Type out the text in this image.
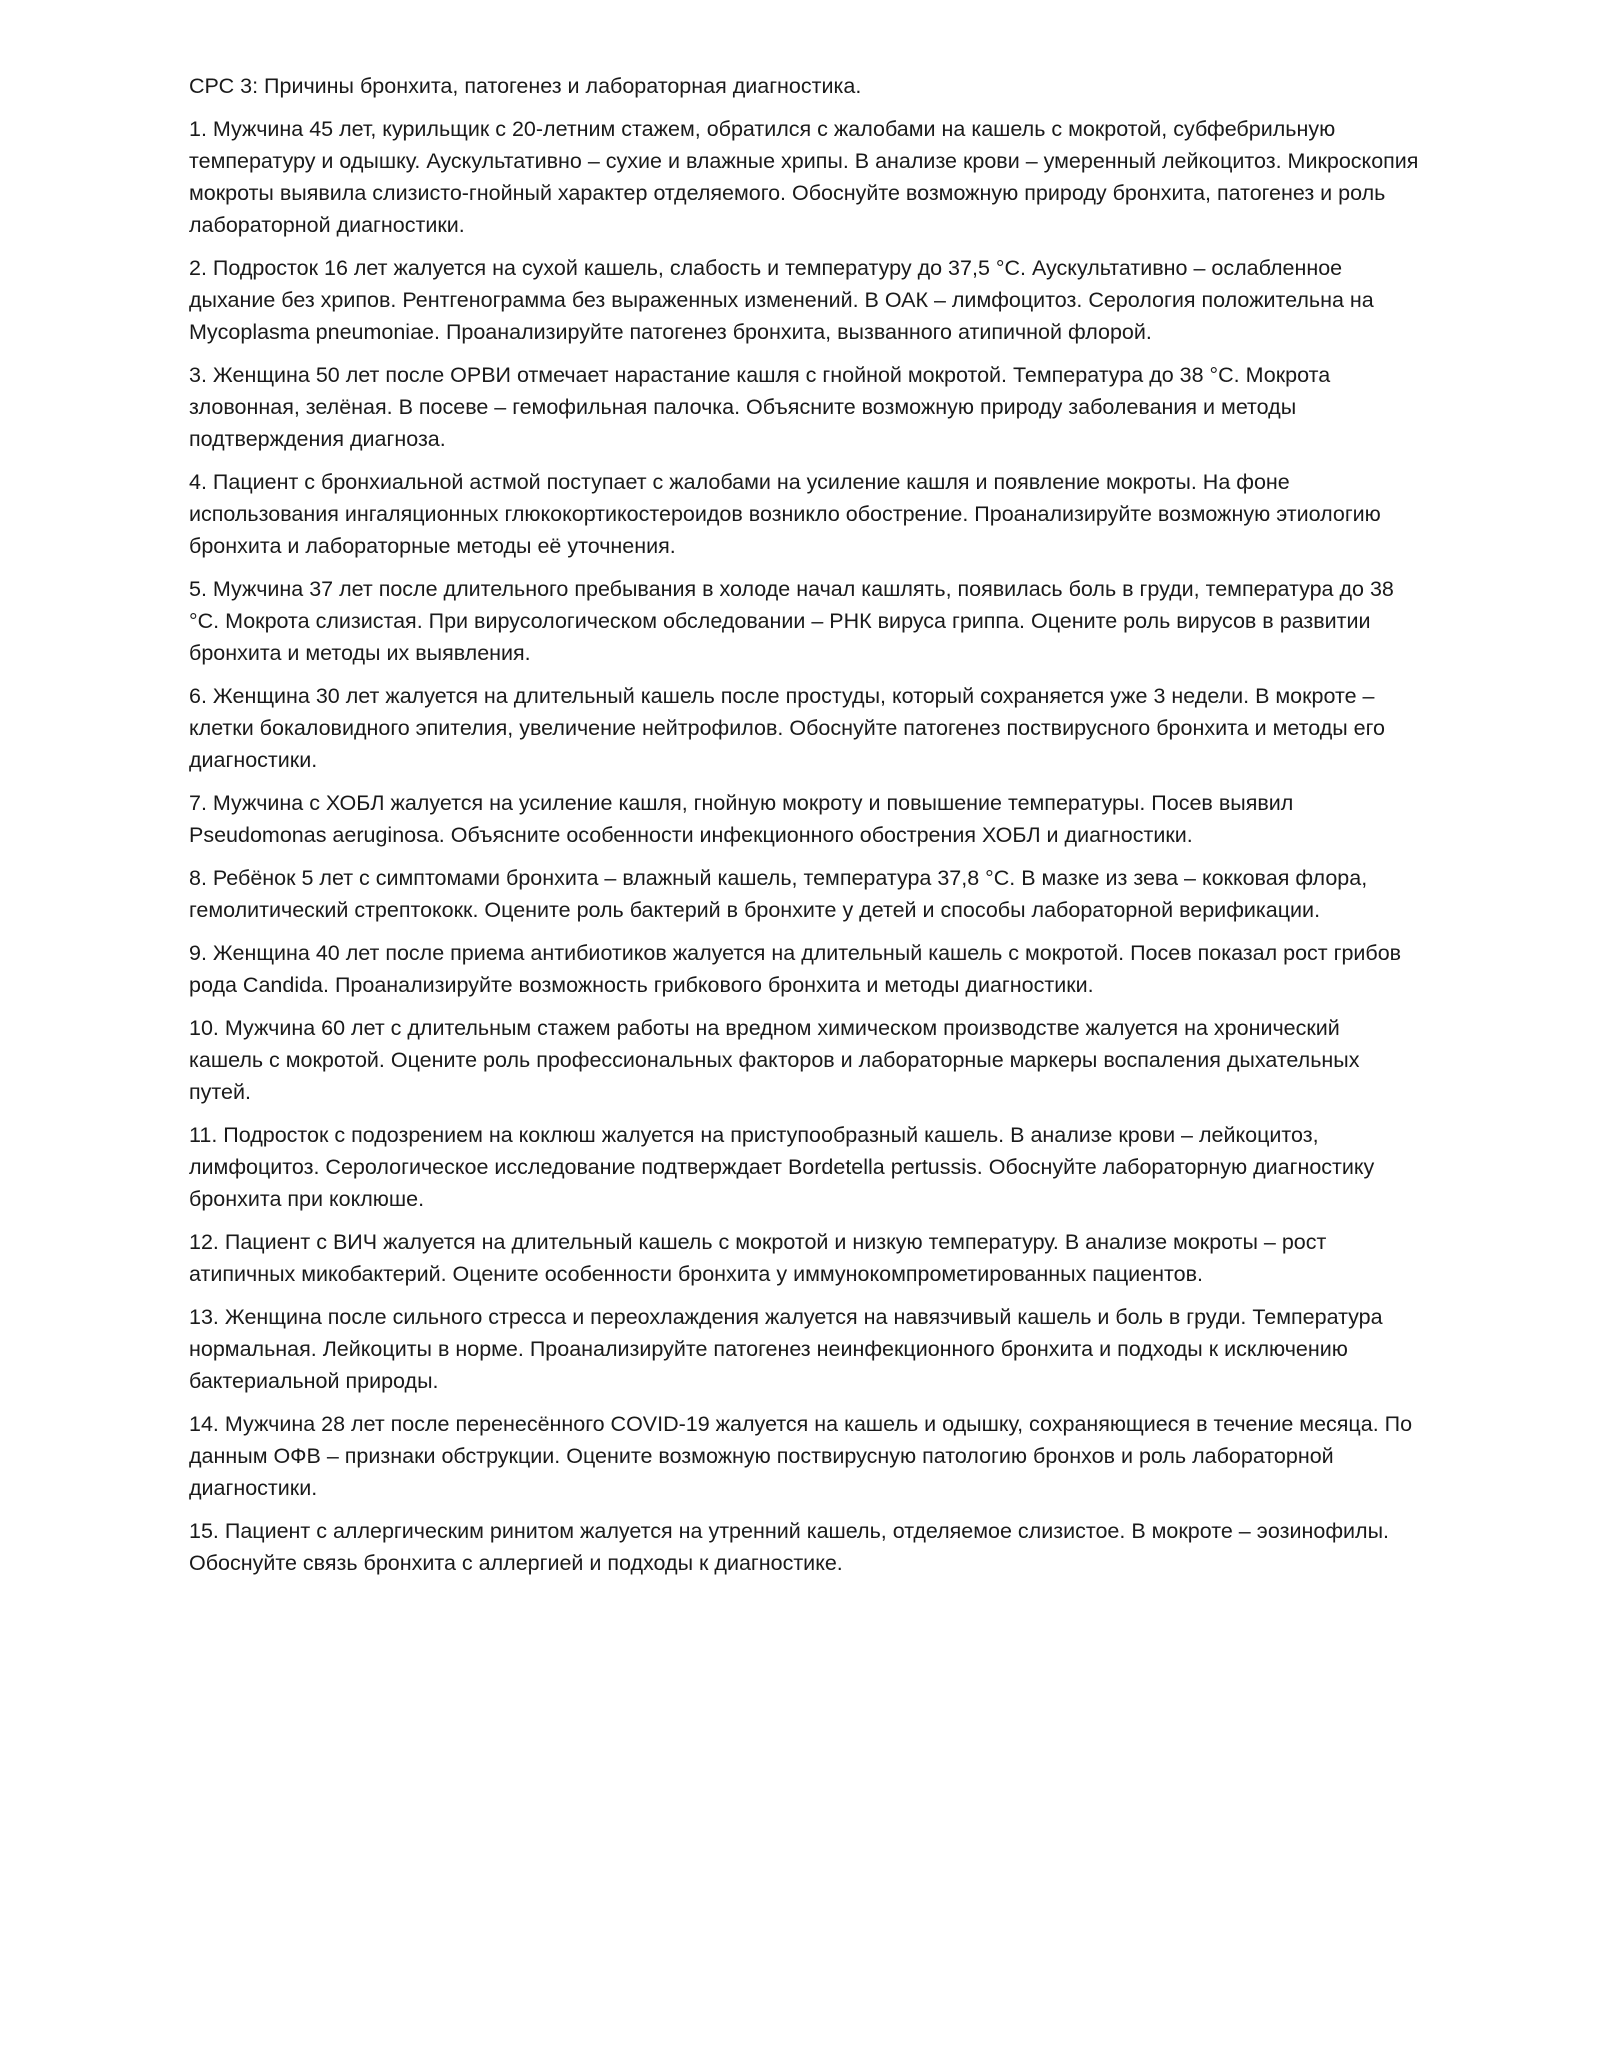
СРС 3: Причины бронхита, патогенез и лабораторная диагностика.

1. Мужчина 45 лет, курильщик с 20-летним стажем, обратился с жалобами на кашель с мокротой, субфебрильную температуру и одышку. Аускультативно – сухие и влажные хрипы. В анализе крови – умеренный лейкоцитоз. Микроскопия мокроты выявила слизисто-гнойный характер отделяемого. Обоснуйте возможную природу бронхита, патогенез и роль лабораторной диагностики.

2. Подросток 16 лет жалуется на сухой кашель, слабость и температуру до 37,5 °С. Аускультативно – ослабленное дыхание без хрипов. Рентгенограмма без выраженных изменений. В ОАК – лимфоцитоз. Серология положительна на Mycoplasma pneumoniae. Проанализируйте патогенез бронхита, вызванного атипичной флорой.

3. Женщина 50 лет после ОРВИ отмечает нарастание кашля с гнойной мокротой. Температура до 38 °С. Мокрота зловонная, зелёная. В посеве – гемофильная палочка. Объясните возможную природу заболевания и методы подтверждения диагноза.

4. Пациент с бронхиальной астмой поступает с жалобами на усиление кашля и появление мокроты. На фоне использования ингаляционных глюкокортикостероидов возникло обострение. Проанализируйте возможную этиологию бронхита и лабораторные методы её уточнения.

5. Мужчина 37 лет после длительного пребывания в холоде начал кашлять, появилась боль в груди, температура до 38 °С. Мокрота слизистая. При вирусологическом обследовании – РНК вируса гриппа. Оцените роль вирусов в развитии бронхита и методы их выявления.

6. Женщина 30 лет жалуется на длительный кашель после простуды, который сохраняется уже 3 недели. В мокроте – клетки бокаловидного эпителия, увеличение нейтрофилов. Обоснуйте патогенез поствирусного бронхита и методы его диагностики.

7. Мужчина с ХОБЛ жалуется на усиление кашля, гнойную мокроту и повышение температуры. Посев выявил Pseudomonas aeruginosa. Объясните особенности инфекционного обострения ХОБЛ и диагностики.

8. Ребёнок 5 лет с симптомами бронхита – влажный кашель, температура 37,8 °С. В мазке из зева – кокковая флора, гемолитический стрептококк. Оцените роль бактерий в бронхите у детей и способы лабораторной верификации.

9. Женщина 40 лет после приема антибиотиков жалуется на длительный кашель с мокротой. Посев показал рост грибов рода Candida. Проанализируйте возможность грибкового бронхита и методы диагностики.

10. Мужчина 60 лет с длительным стажем работы на вредном химическом производстве жалуется на хронический кашель с мокротой. Оцените роль профессиональных факторов и лабораторные маркеры воспаления дыхательных путей.

11. Подросток с подозрением на коклюш жалуется на приступообразный кашель. В анализе крови – лейкоцитоз, лимфоцитоз. Серологическое исследование подтверждает Bordetella pertussis. Обоснуйте лабораторную диагностику бронхита при коклюше.

12. Пациент с ВИЧ жалуется на длительный кашель с мокротой и низкую температуру. В анализе мокроты – рост атипичных микобактерий. Оцените особенности бронхита у иммунокомпрометированных пациентов.

13. Женщина после сильного стресса и переохлаждения жалуется на навязчивый кашель и боль в груди. Температура нормальная. Лейкоциты в норме. Проанализируйте патогенез неинфекционного бронхита и подходы к исключению бактериальной природы.

14. Мужчина 28 лет после перенесённого COVID-19 жалуется на кашель и одышку, сохраняющиеся в течение месяца. По данным ОФВ – признаки обструкции. Оцените возможную поствирусную патологию бронхов и роль лабораторной диагностики.

15. Пациент с аллергическим ринитом жалуется на утренний кашель, отделяемое слизистое. В мокроте – эозинофилы. Обоснуйте связь бронхита с аллергией и подходы к диагностике.
